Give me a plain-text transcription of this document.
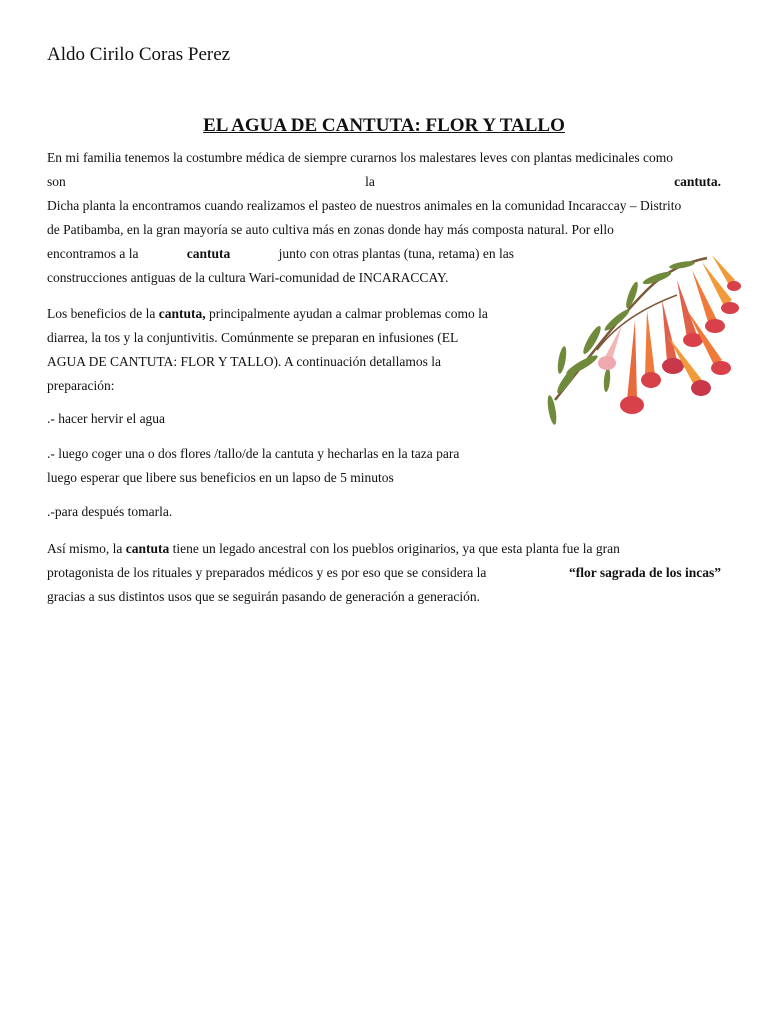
Aldo Cirilo Coras Perez
EL AGUA DE CANTUTA: FLOR Y TALLO
En mi familia tenemos la costumbre médica de siempre curarnos los malestares leves con plantas medicinales como
son	la	cantuta.
Dicha planta la encontramos cuando realizamos el pasteo de nuestros animales en la comunidad Incaraccay – Distrito
de Patibamba, en la gran mayoría se auto cultiva más en zonas donde hay más composta natural. Por ello
encontramos a la	cantuta	junto con otras plantas (tuna, retama) en las
construcciones antiguas de la cultura Wari-comunidad de INCARACCAY.
Los beneficios de la cantuta, principalmente ayudan a calmar problemas como la
diarrea, la tos y la conjuntivitis. Comúnmente se preparan en infusiones (EL
AGUA DE CANTUTA: FLOR Y TALLO). A continuación detallamos la
preparación:
.- hacer hervir el agua
.- luego coger una o dos flores /tallo/de la cantuta y hecharlas en la taza para
luego esperar que libere sus beneficios en un lapso de 5 minutos
.-para después tomarla.
Así mismo, la cantuta tiene un legado ancestral con los pueblos originarios, ya que esta planta fue la gran
protagonista de los rituales y preparados médicos y es por eso que se considera la	“flor sagrada de los incas”
gracias a sus distintos usos que se seguirán pasando de generación a generación.
